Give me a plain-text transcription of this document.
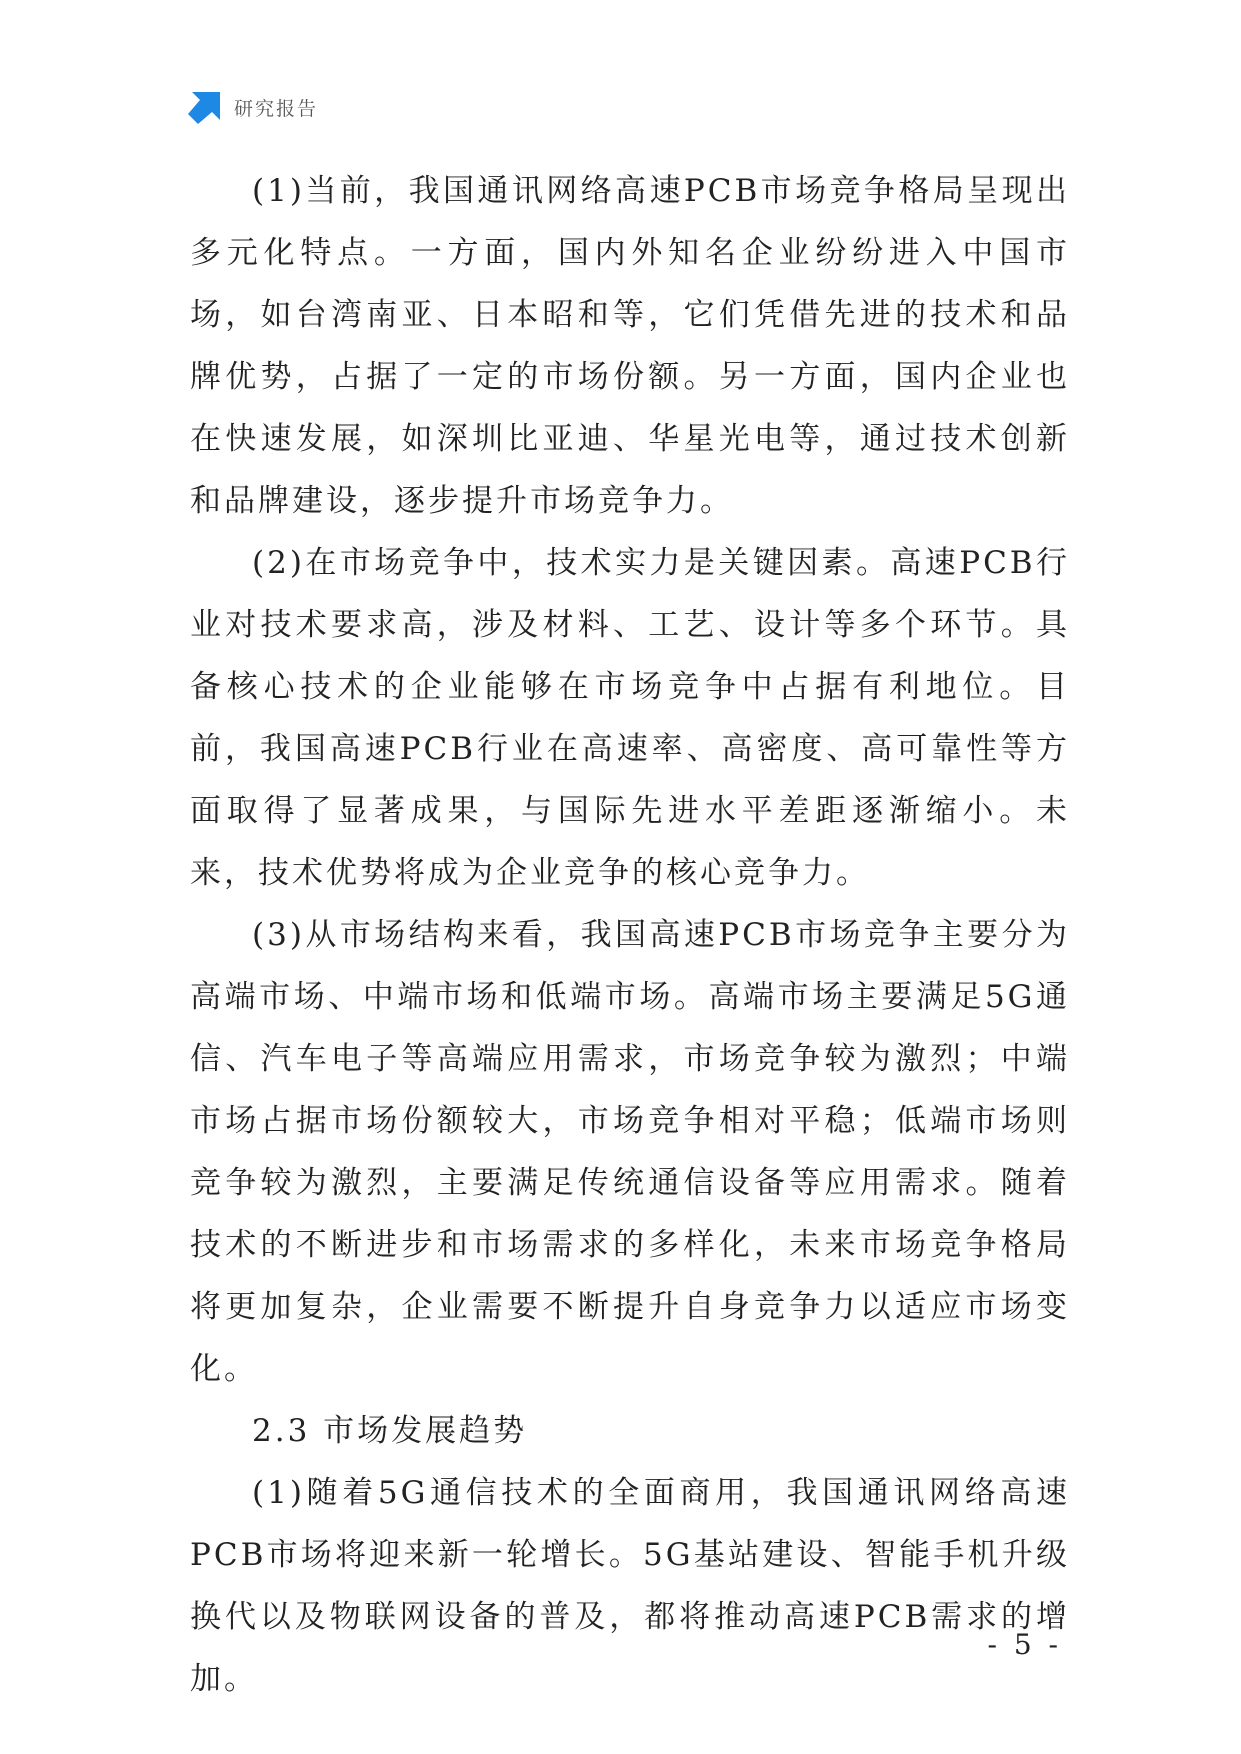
研究报告

(1)当前，我国通讯网络高速PCB市场竞争格局呈现出多元化特点。一方面，国内外知名企业纷纷进入中国市场，如台湾南亚、日本昭和等，它们凭借先进的技术和品牌优势，占据了一定的市场份额。另一方面，国内企业也在快速发展，如深圳比亚迪、华星光电等，通过技术创新和品牌建设，逐步提升市场竞争力。

(2)在市场竞争中，技术实力是关键因素。高速PCB行业对技术要求高，涉及材料、工艺、设计等多个环节。具备核心技术的企业能够在市场竞争中占据有利地位。目前，我国高速PCB行业在高速率、高密度、高可靠性等方面取得了显著成果，与国际先进水平差距逐渐缩小。未来，技术优势将成为企业竞争的核心竞争力。

(3)从市场结构来看，我国高速PCB市场竞争主要分为高端市场、中端市场和低端市场。高端市场主要满足5G通信、汽车电子等高端应用需求，市场竞争较为激烈；中端市场占据市场份额较大，市场竞争相对平稳；低端市场则竞争较为激烈，主要满足传统通信设备等应用需求。随着技术的不断进步和市场需求的多样化，未来市场竞争格局将更加复杂，企业需要不断提升自身竞争力以适应市场变化。

2.3 市场发展趋势

(1)随着5G通信技术的全面商用，我国通讯网络高速PCB市场将迎来新一轮增长。5G基站建设、智能手机升级换代以及物联网设备的普及，都将推动高速PCB需求的增加。

- 5 -
